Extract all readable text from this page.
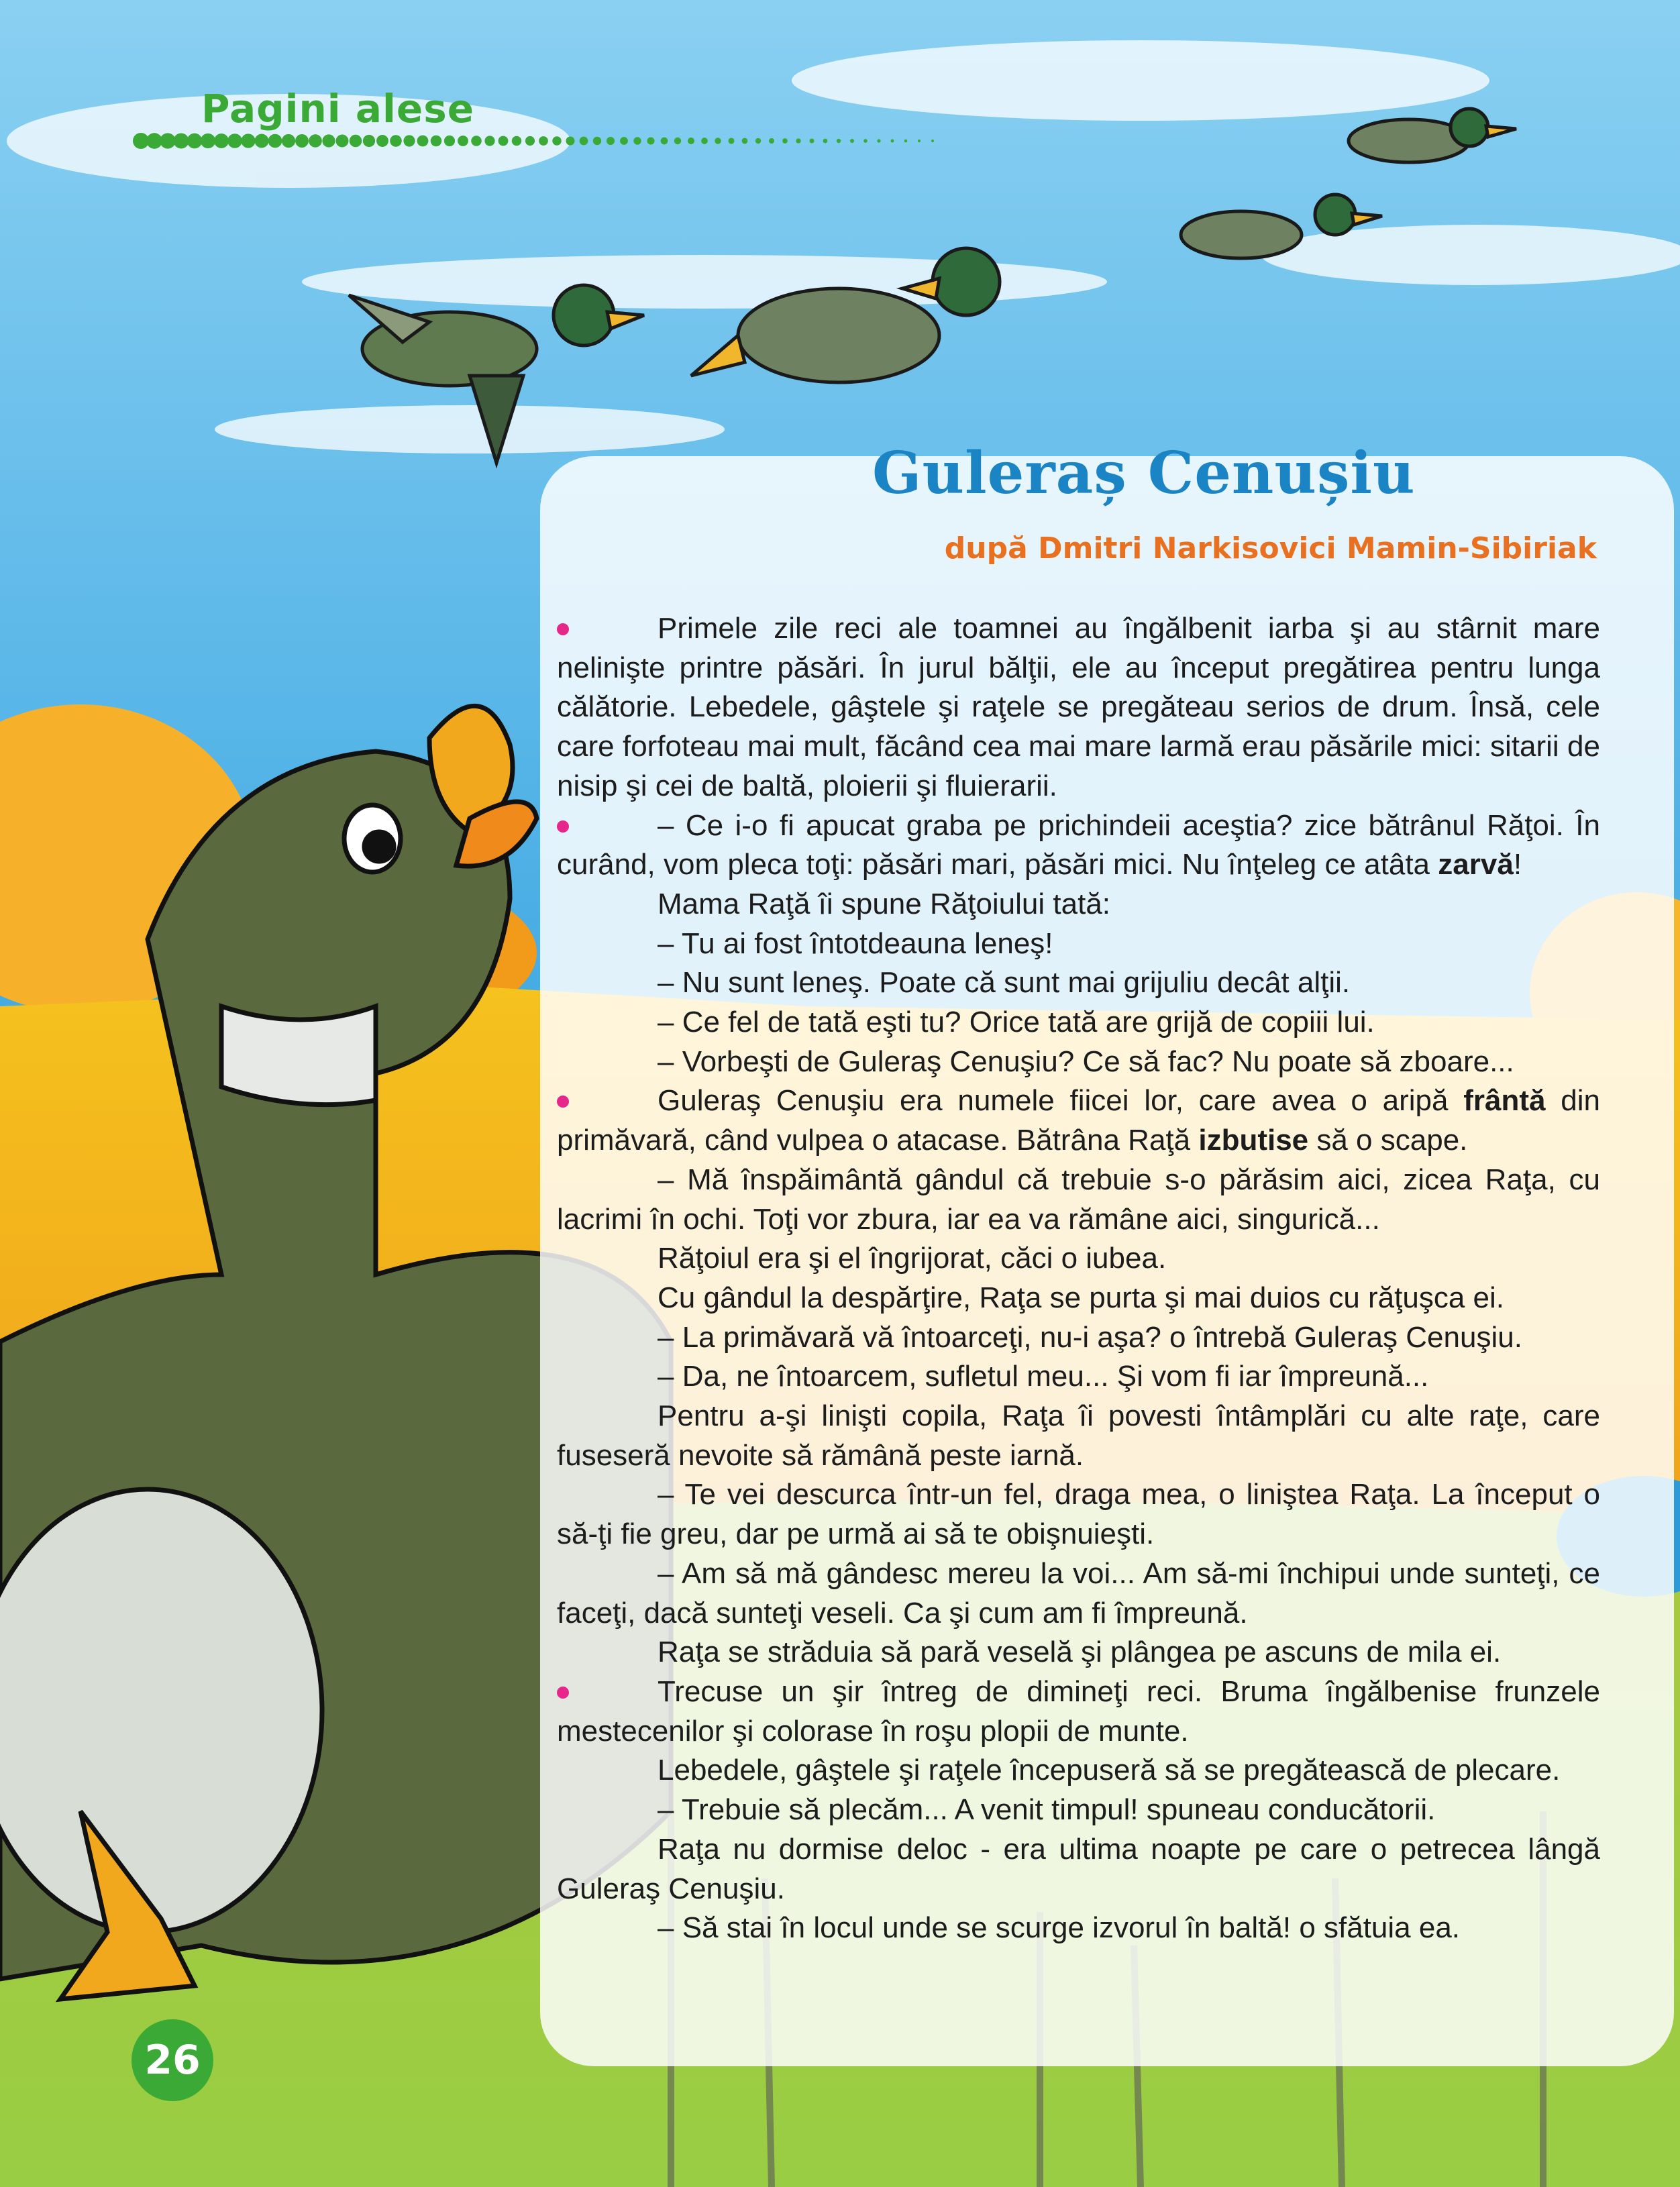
Pagini alese
Guleraș Cenușiu
după Dmitri Narkisovici Mamin-Sibiriak

Primele zile reci ale toamnei au îngălbenit iarba şi au stârnit mare nelinişte printre păsări. În jurul bălţii, ele au început pregătirea pentru lunga călătorie. Lebedele, gâştele şi raţele se pregăteau serios de drum. Însă, cele care forfoteau mai mult, făcând cea mai mare larmă erau păsările mici: sitarii de nisip şi cei de baltă, ploierii şi fluierarii.

– Ce i-o fi apucat graba pe prichindeii aceştia? zice bătrânul Răţoi. În curând, vom pleca toţi: păsări mari, păsări mici. Nu înţeleg ce atâta zarvă!

Mama Raţă îi spune Răţoiului tată:

– Tu ai fost întotdeauna leneş!

– Nu sunt leneş. Poate că sunt mai grijuliu decât alţii.

– Ce fel de tată eşti tu? Orice tată are grijă de copiii lui.

– Vorbeşti de Guleraş Cenuşiu? Ce să fac? Nu poate să zboare...

Guleraş Cenuşiu era numele fiicei lor, care avea o aripă frântă din primăvară, când vulpea o atacase. Bătrâna Raţă izbutise să o scape.

– Mă înspăimântă gândul că trebuie s-o părăsim aici, zicea Raţa, cu lacrimi în ochi. Toţi vor zbura, iar ea va rămâne aici, singurică...

Răţoiul era şi el îngrijorat, căci o iubea.

Cu gândul la despărţire, Raţa se purta şi mai duios cu răţuşca ei.

– La primăvară vă întoarceţi, nu-i aşa? o întrebă Guleraş Cenuşiu.

– Da, ne întoarcem, sufletul meu... Şi vom fi iar împreună...

Pentru a-şi linişti copila, Raţa îi povesti întâmplări cu alte raţe, care fuseseră nevoite să rămână peste iarnă.

– Te vei descurca într-un fel, draga mea, o liniştea Raţa. La început o să-ţi fie greu, dar pe urmă ai să te obişnuieşti.

– Am să mă gândesc mereu la voi... Am să-mi închipui unde sunteţi, ce faceţi, dacă sunteţi veseli. Ca şi cum am fi împreună.

Raţa se străduia să pară veselă şi plângea pe ascuns de mila ei.

Trecuse un şir întreg de dimineţi reci. Bruma îngălbenise frunzele mestecenilor şi colorase în roşu plopii de munte.

Lebedele, gâştele şi raţele începuseră să se pregătească de plecare.

– Trebuie să plecăm... A venit timpul! spuneau conducătorii.

Raţa nu dormise deloc - era ultima noapte pe care o petrecea lângă Guleraş Cenuşiu.

– Să stai în locul unde se scurge izvorul în baltă! o sfătuia ea.

26
